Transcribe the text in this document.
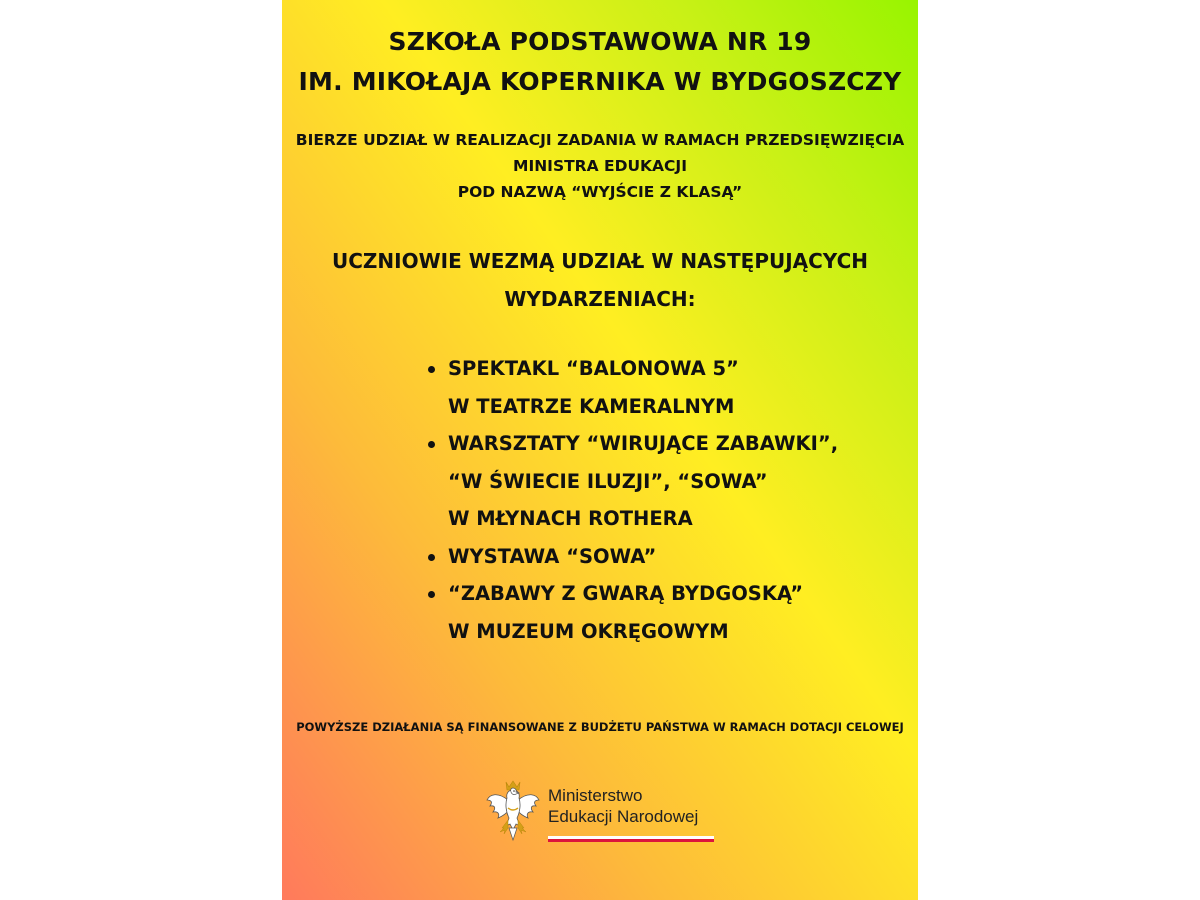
SZKOŁA PODSTAWOWA NR 19
IM. MIKOŁAJA KOPERNIKA W BYDGOSZCZY
BIERZE UDZIAŁ W REALIZACJI ZADANIA W RAMACH PRZEDSIĘWZIĘCIA
MINISTRA EDUKACJI
POD NAZWĄ “WYJŚCIE Z KLASĄ”
UCZNIOWIE WEZMĄ UDZIAŁ W NASTĘPUJĄCYCH
WYDARZENIACH:
SPEKTAKL “BALONOWA 5”
W TEATRZE KAMERALNYM
WARSZTATY “WIRUJĄCE ZABAWKI”,
“W ŚWIECIE ILUZJI”, “SOWA”
W MŁYNACH ROTHERA
WYSTAWA “SOWA”
“ZABAWY Z GWARĄ BYDGOSKĄ”
W MUZEUM OKRĘGOWYM
POWYŻSZE DZIAŁANIA SĄ FINANSOWANE Z BUDŻETU PAŃSTWA W RAMACH DOTACJI CELOWEJ
Ministerstwo
Edukacji Narodowej
